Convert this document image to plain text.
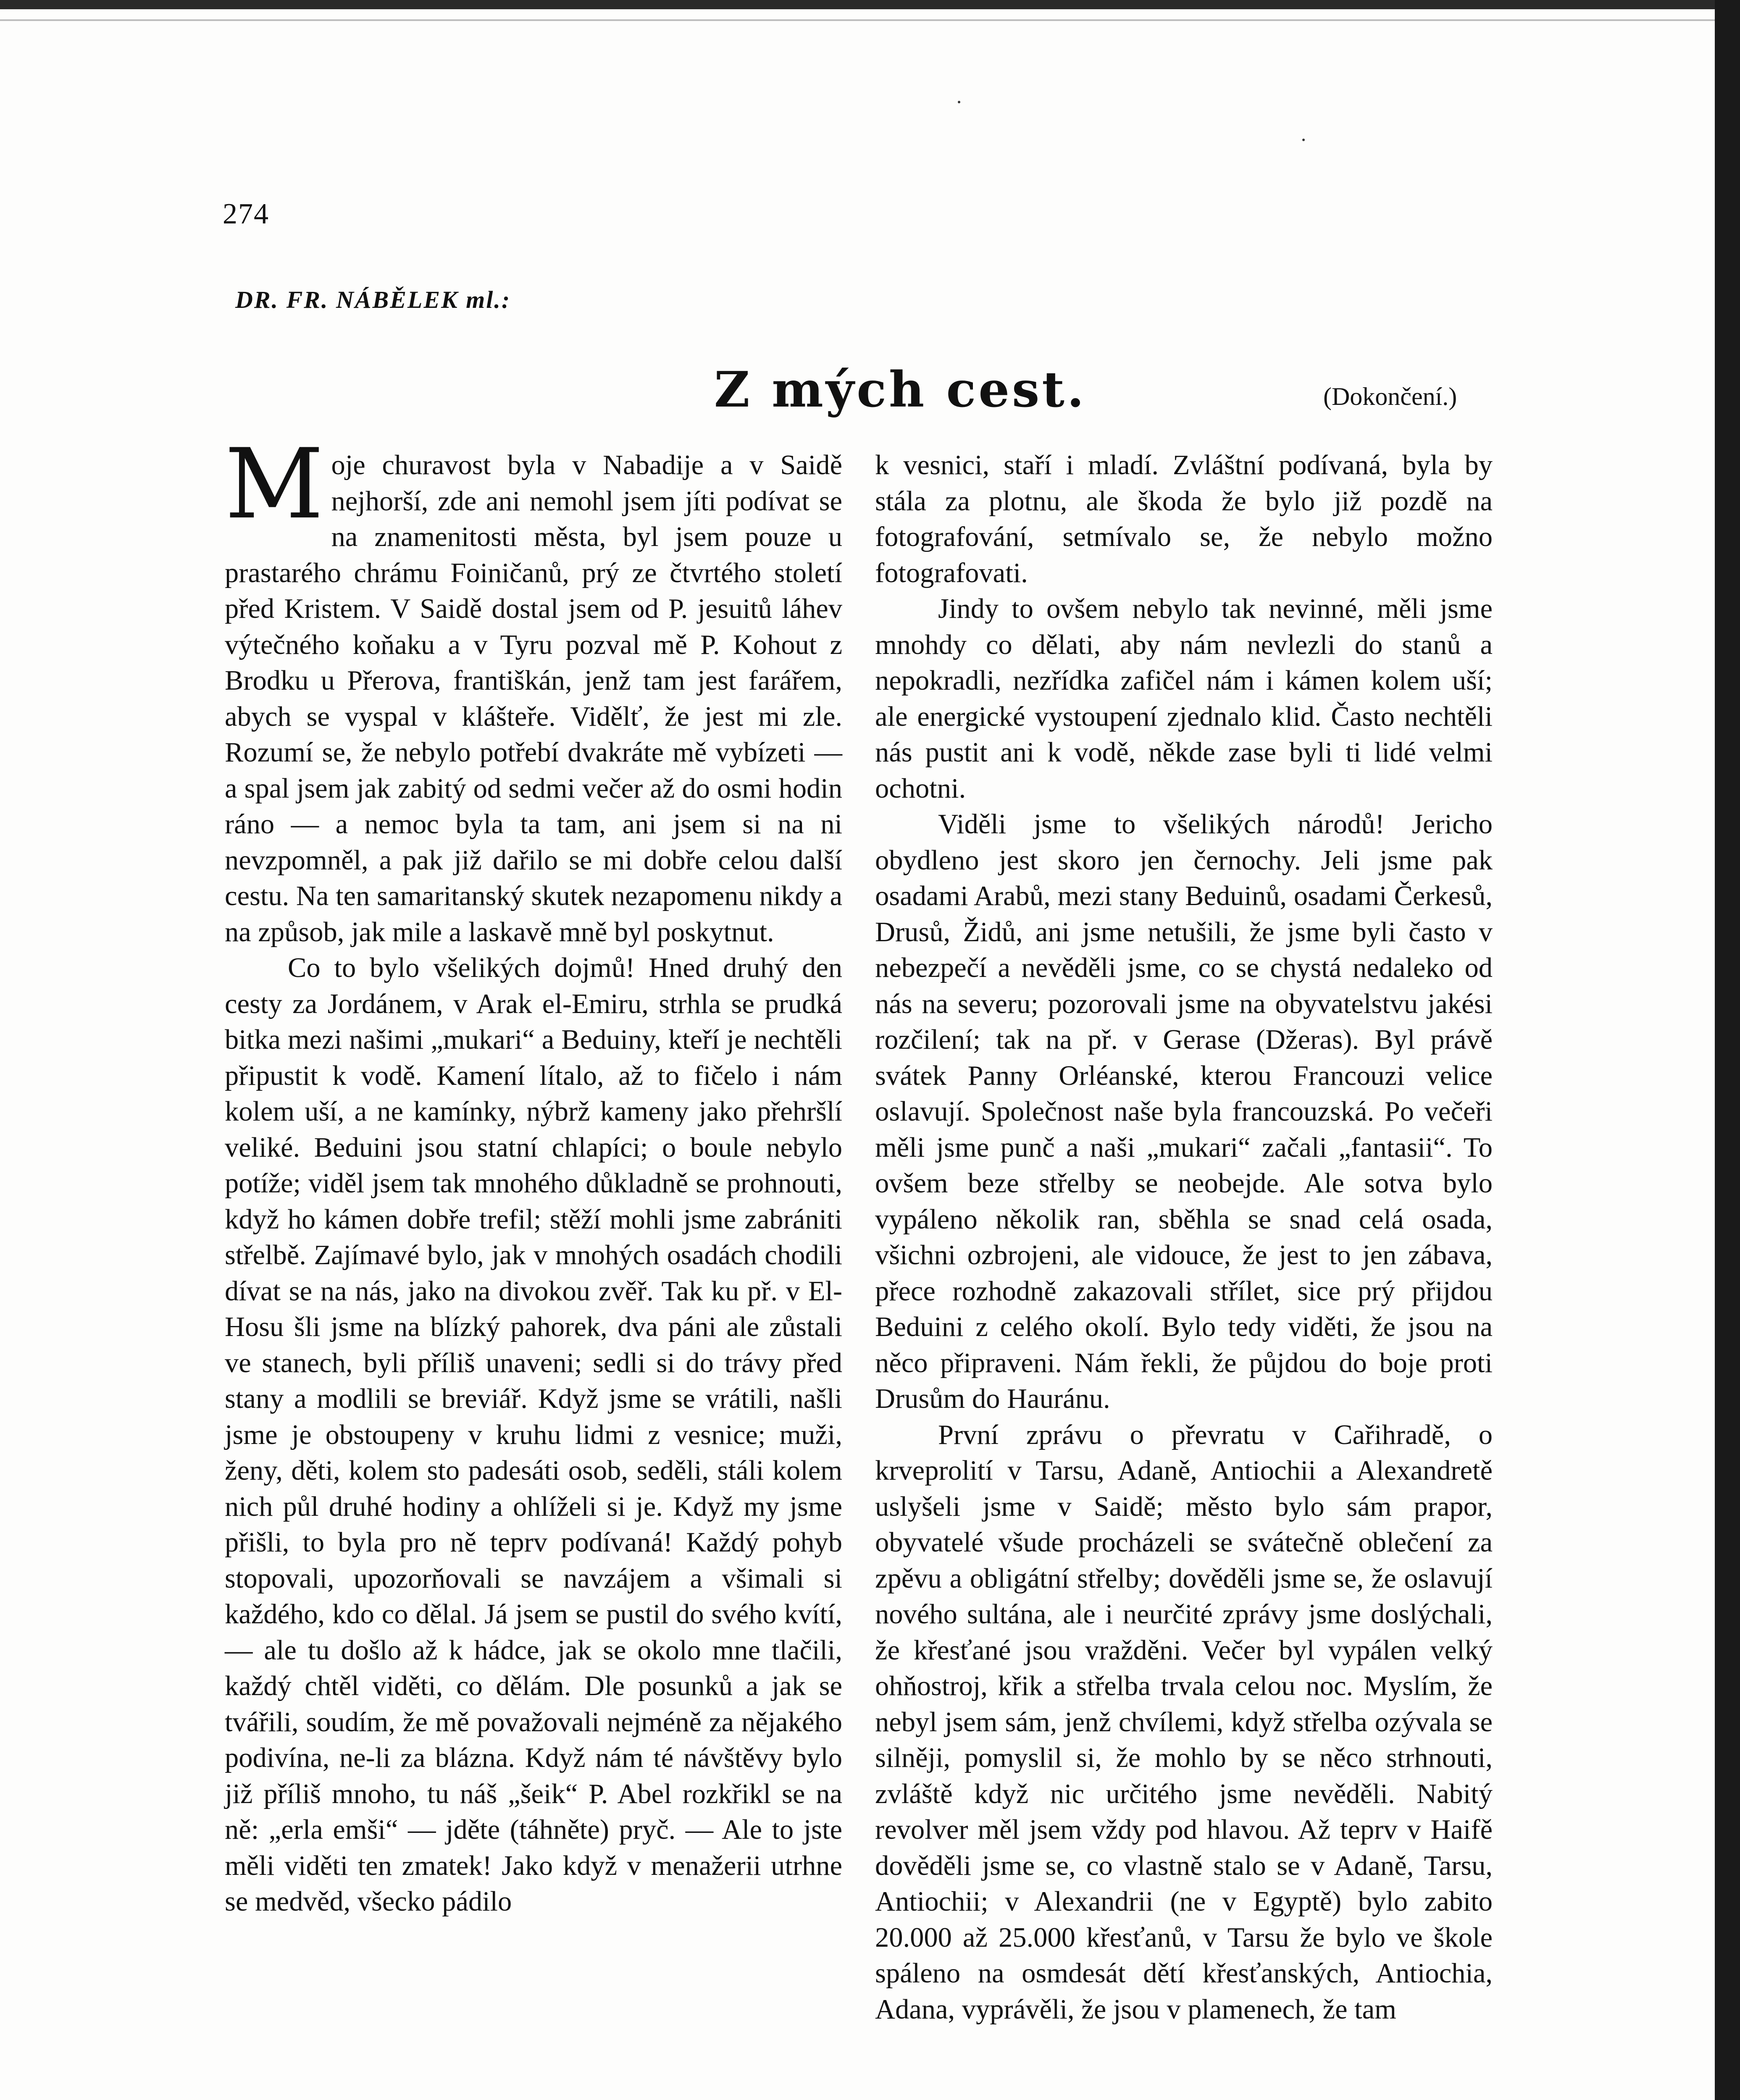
274
DR. FR. NÁBĚLEK ml.:
Z mých cest.	(Dokončení.)

Moje churavost byla v Nabadije a v Saidě nejhorší, zde ani nemohl jsem jíti podívat se na znamenitosti města, byl jsem pouze u prastarého chrámu Foiničanů, prý ze čtvrtého století před Kristem. V Saidě dostal jsem od P. jesuitů láhev výtečného koňaku a v Tyru pozval mě P. Kohout z Brodku u Přerova, františkán, jenž tam jest farářem, abych se vyspal v klášteře. Vidělť, že jest mi zle. Rozumí se, že nebylo potřebí dvakráte mě vybízeti — a spal jsem jak zabitý od sedmi večer až do osmi hodin ráno — a nemoc byla ta tam, ani jsem si na ni nevzpomněl, a pak již dařilo se mi dobře celou další cestu. Na ten samaritanský skutek nezapomenu nikdy a na způsob, jak mile a laskavě mně byl poskytnut.

Co to bylo všelikých dojmů! Hned druhý den cesty za Jordánem, v Arak el-Emiru, strhla se prudká bitka mezi našimi „mukari“ a Beduiny, kteří je nechtěli připustit k vodě. Kamení lítalo, až to fičelo i nám kolem uší, a ne kamínky, nýbrž kameny jako přehršlí veliké. Beduini jsou statní chlapíci; o boule nebylo potíže; viděl jsem tak mnohého důkladně se prohnouti, když ho kámen dobře trefil; stěží mohli jsme zabrániti střelbě. Zajímavé bylo, jak v mnohých osadách chodili dívat se na nás, jako na divokou zvěř. Tak ku př. v El-Hosu šli jsme na blízký pahorek, dva páni ale zůstali ve stanech, byli příliš unaveni; sedli si do trávy před stany a modlili se breviář. Když jsme se vrátili, našli jsme je obstoupeny v kruhu lidmi z vesnice; muži, ženy, děti, kolem sto padesáti osob, seděli, stáli kolem nich půl druhé hodiny a ohlíželi si je. Když my jsme přišli, to byla pro ně teprv podívaná! Každý pohyb stopovali, upozorňovali se navzájem a všimali si každého, kdo co dělal. Já jsem se pustil do svého kvítí, — ale tu došlo až k hádce, jak se okolo mne tlačili, každý chtěl viděti, co dělám. Dle posunků a jak se tvářili, soudím, že mě považovali nejméně za nějakého podivína, ne-li za blázna. Když nám té návštěvy bylo již příliš mnoho, tu náš „šeik“ P. Abel rozkřikl se na ně: „erla emši“ — jděte (táhněte) pryč. — Ale to jste měli viděti ten zmatek! Jako když v menažerii utrhne se medvěd, všecko pádilo

k vesnici, staří i mladí. Zvláštní podívaná, byla by stála za plotnu, ale škoda že bylo již pozdě na fotografování, setmívalo se, že nebylo možno fotografovati.

Jindy to ovšem nebylo tak nevinné, měli jsme mnohdy co dělati, aby nám nevlezli do stanů a nepokradli, nezřídka zafičel nám i kámen kolem uší; ale energické vystoupení zjednalo klid. Často nechtěli nás pustit ani k vodě, někde zase byli ti lidé velmi ochotni.

Viděli jsme to všelikých národů! Jericho obydleno jest skoro jen černochy. Jeli jsme pak osadami Arabů, mezi stany Beduinů, osadami Čerkesů, Drusů, Židů, ani jsme netušili, že jsme byli často v nebezpečí a nevěděli jsme, co se chystá nedaleko od nás na severu; pozorovali jsme na obyvatelstvu jakési rozčilení; tak na př. v Gerase (Džeras). Byl právě svátek Panny Orléanské, kterou Francouzi velice oslavují. Společnost naše byla francouzská. Po večeři měli jsme punč a naši „mukari“ začali „fantasii“. To ovšem beze střelby se neobejde. Ale sotva bylo vypáleno několik ran, sběhla se snad celá osada, všichni ozbrojeni, ale vidouce, že jest to jen zábava, přece rozhodně zakazovali střílet, sice prý přijdou Beduini z celého okolí. Bylo tedy viděti, že jsou na něco připraveni. Nám řekli, že půjdou do boje proti Drusům do Hauránu.

První zprávu o převratu v Cařihradě, o krveprolití v Tarsu, Adaně, Antiochii a Alexandretě uslyšeli jsme v Saidě; město bylo sám prapor, obyvatelé všude procházeli se svátečně oblečení za zpěvu a obligátní střelby; dověděli jsme se, že oslavují nového sultána, ale i neurčité zprávy jsme doslýchali, že křesťané jsou vražděni. Večer byl vypálen velký ohňostroj, křik a střelba trvala celou noc. Myslím, že nebyl jsem sám, jenž chvílemi, když střelba ozývala se silněji, pomyslil si, že mohlo by se něco strhnouti, zvláště když nic určitého jsme nevěděli. Nabitý revolver měl jsem vždy pod hlavou. Až teprv v Haifě dověděli jsme se, co vlastně stalo se v Adaně, Tarsu, Antiochii; v Alexandrii (ne v Egyptě) bylo zabito 20.000 až 25.000 křesťanů, v Tarsu že bylo ve škole spáleno na osmdesát dětí křesťanských, Antiochia, Adana, vyprávěli, že jsou v plamenech, že tam
